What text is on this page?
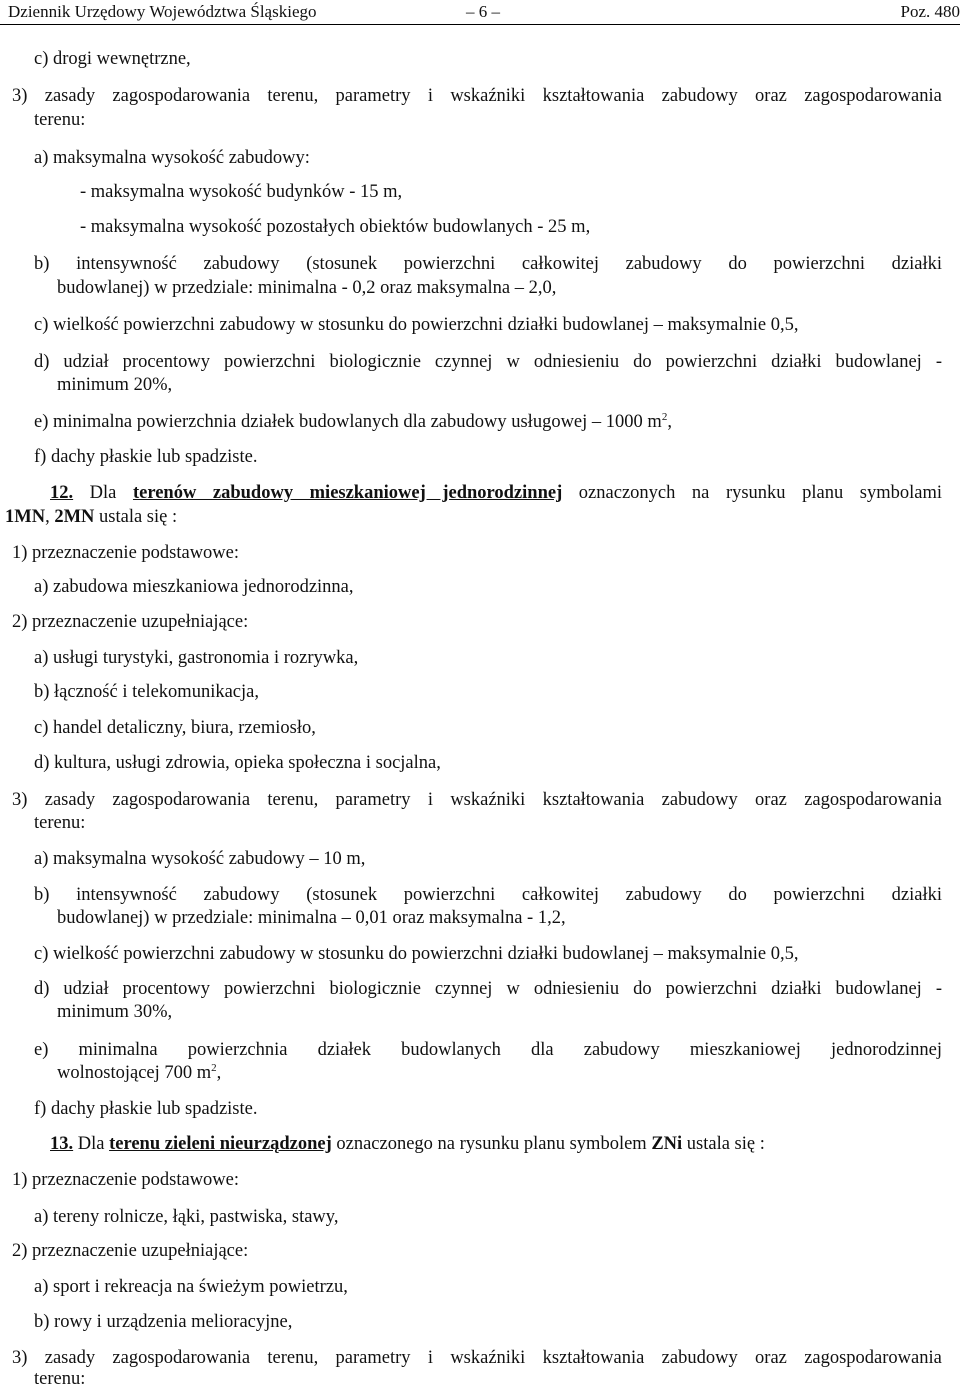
Dziennik Urzędowy Województwa Śląskiego	– 6 –	Poz. 480
c) drogi wewnętrzne,
3) zasady zagospodarowania terenu, parametry i wskaźniki kształtowania zabudowy oraz zagospodarowania
terenu:
a) maksymalna wysokość zabudowy:
- maksymalna wysokość budynków - 15 m,
- maksymalna wysokość pozostałych obiektów budowlanych - 25 m,
b) intensywność zabudowy (stosunek powierzchni całkowitej zabudowy do powierzchni działki
budowlanej) w przedziale: minimalna - 0,2 oraz maksymalna – 2,0,
c) wielkość powierzchni zabudowy w stosunku do powierzchni działki budowlanej – maksymalnie 0,5,
d) udział procentowy powierzchni biologicznie czynnej w odniesieniu do powierzchni działki budowlanej -
minimum 20%,
e) minimalna powierzchnia działek budowlanych dla zabudowy usługowej – 1000 $m^2$,
f) dachy płaskie lub spadziste.
12. Dla terenów zabudowy mieszkaniowej jednorodzinnej oznaczonych na rysunku planu symbolami
1MN, 2MN ustala się :
1) przeznaczenie podstawowe:
a) zabudowa mieszkaniowa jednorodzinna,
2) przeznaczenie uzupełniające:
a) usługi turystyki, gastronomia i rozrywka,
b) łączność i telekomunikacja,
c) handel detaliczny, biura, rzemiosło,
d) kultura, usługi zdrowia, opieka społeczna i socjalna,
3) zasady zagospodarowania terenu, parametry i wskaźniki kształtowania zabudowy oraz zagospodarowania
terenu:
a) maksymalna wysokość zabudowy – 10 m,
b) intensywność zabudowy (stosunek powierzchni całkowitej zabudowy do powierzchni działki
budowlanej) w przedziale: minimalna – 0,01 oraz maksymalna - 1,2,
c) wielkość powierzchni zabudowy w stosunku do powierzchni działki budowlanej – maksymalnie 0,5,
d) udział procentowy powierzchni biologicznie czynnej w odniesieniu do powierzchni działki budowlanej -
minimum 30%,
e) minimalna powierzchnia działek budowlanych dla zabudowy mieszkaniowej jednorodzinnej
wolnostojącej 700 $m^2$,
f) dachy płaskie lub spadziste.
13. Dla terenu zieleni nieurządzonej oznaczonego na rysunku planu symbolem ZNi ustala się :
1) przeznaczenie podstawowe:
a) tereny rolnicze, łąki, pastwiska, stawy,
2) przeznaczenie uzupełniające:
a) sport i rekreacja na świeżym powietrzu,
b) rowy i urządzenia melioracyjne,
3) zasady zagospodarowania terenu, parametry i wskaźniki kształtowania zabudowy oraz zagospodarowania
terenu:
